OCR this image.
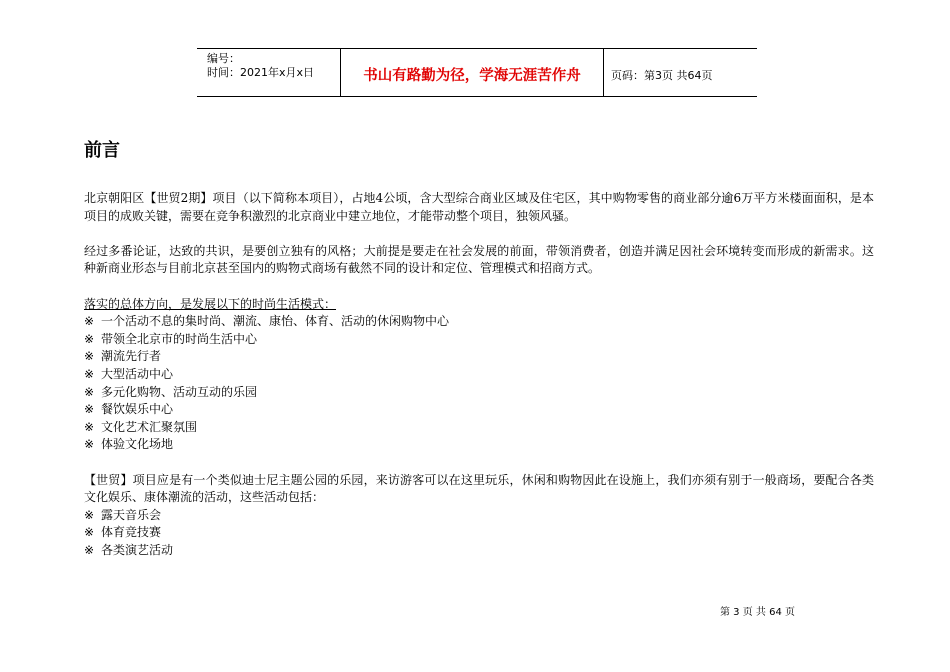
编号：
时间：2021年x月x日	书山有路勤为径，学海无涯苦作舟	页码：第3页 共64页
前言

北京朝阳区【世贸2期】项目（以下简称本项目），占地4公顷，含大型综合商业区域及住宅区，其中购物零售的商业部分逾6万平方米楼面面积，是本项目的成败关键，需要在竞争积激烈的北京商业中建立地位，才能带动整个项目，独领风骚。

经过多番论证，达致的共识，是要创立独有的风格；大前提是要走在社会发展的前面，带领消费者，创造并满足因社会环境转变而形成的新需求。这种新商业形态与目前北京甚至国内的购物式商场有截然不同的设计和定位、管理模式和招商方式。

落实的总体方向，是发展以下的时尚生活模式：

※ 一个活动不息的集时尚、潮流、康怡、体育、活动的休闲购物中心
※ 带领全北京市的时尚生活中心
※ 潮流先行者
※ 大型活动中心
※ 多元化购物、活动互动的乐园
※ 餐饮娱乐中心
※ 文化艺术汇聚氛围
※ 体验文化场地

【世贸】项目应是有一个类似迪士尼主题公园的乐园，来访游客可以在这里玩乐，休闲和购物因此在设施上，我们亦须有别于一般商场，要配合各类文化娱乐、康体潮流的活动，这些活动包括：

※ 露天音乐会
※ 体育竞技赛
※ 各类演艺活动
第 3 页 共 64 页
